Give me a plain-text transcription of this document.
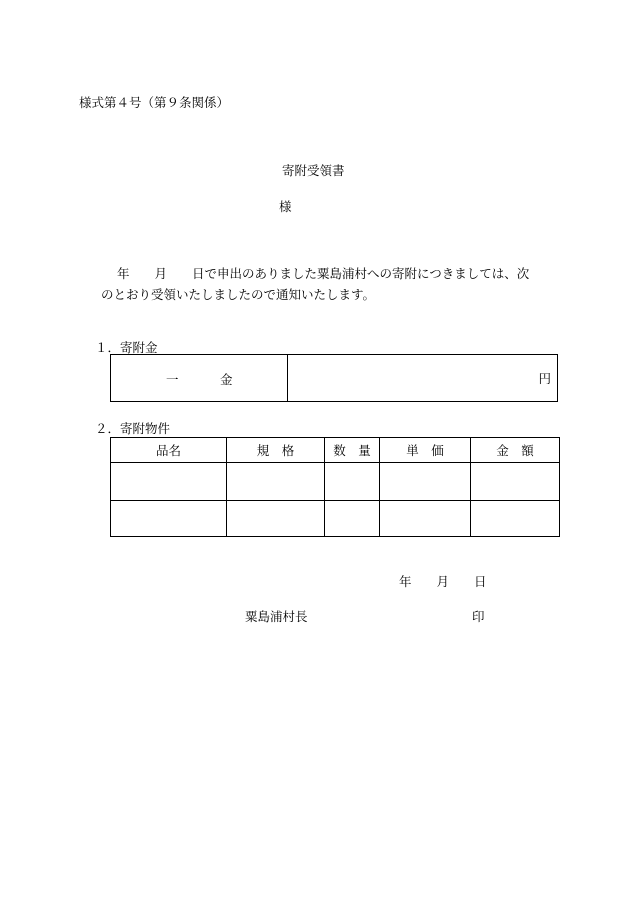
様式第４号（第９条関係）
寄附受領書
様
年　　月　　日で申出のありました粟島浦村への寄附につきましては、次
のとおり受領いたしましたので通知いたします。
１．寄附金
一	金	円
２．寄附物件
品名	規　格	数　量	単　価	金　額

年　　月　　日
粟島浦村長	印
